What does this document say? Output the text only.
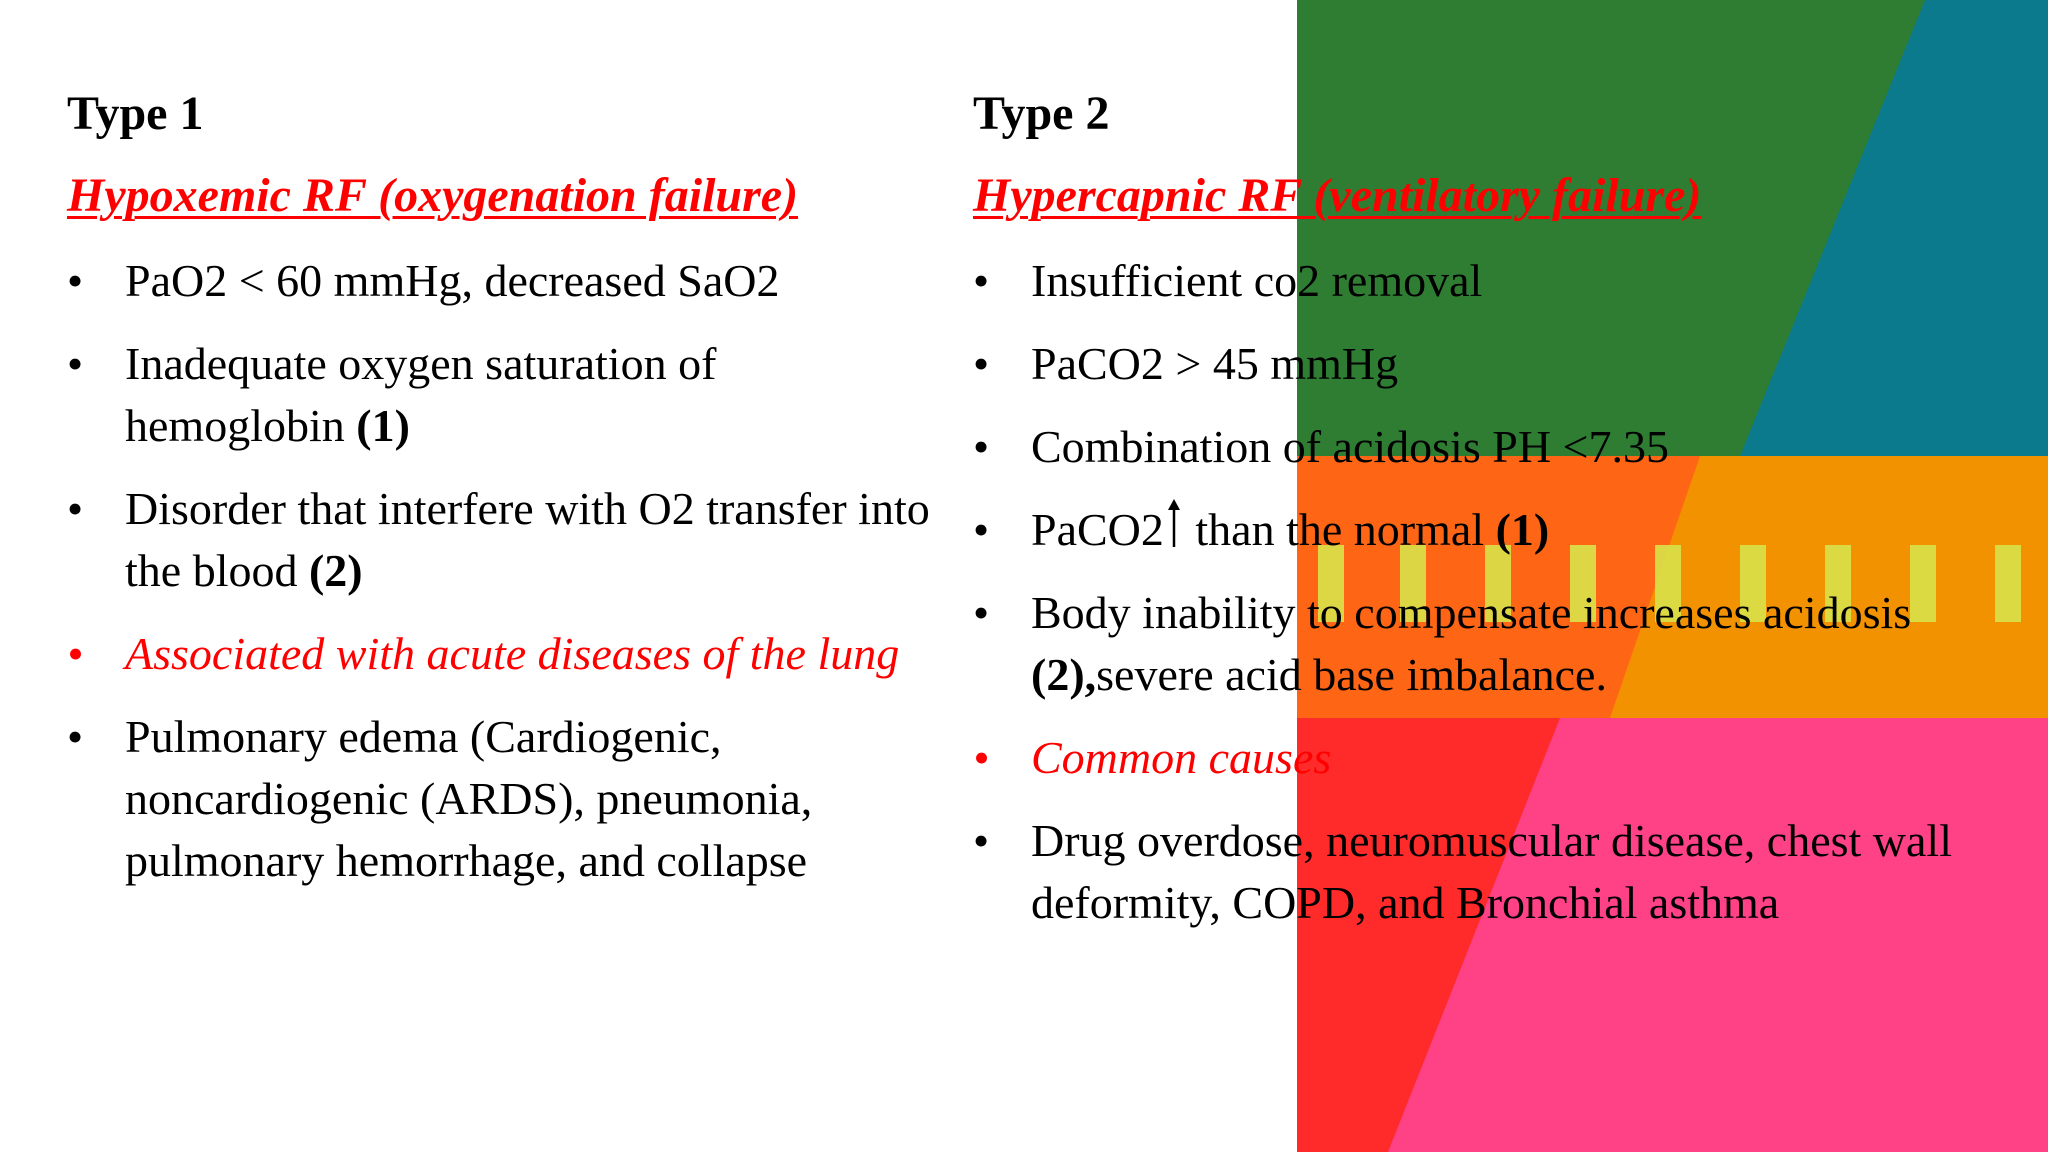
Type 1
Hypoxemic RF (oxygenation failure)
• PaO2 < 60 mmHg, decreased SaO2
• Inadequate oxygen saturation of hemoglobin (1)
• Disorder that interfere with O2 transfer into the blood (2)
• Associated with acute diseases of the lung
• Pulmonary edema (Cardiogenic, noncardiogenic (ARDS), pneumonia, pulmonary hemorrhage, and collapse
Type 2
Hypercapnic RF (ventilatory failure)
• Insufficient co2 removal
• PaCO2 > 45 mmHg
• Combination of acidosis PH <7.35
• PaCO2 than the normal (1)
• Body inability to compensate increases acidosis (2),severe acid base imbalance.
• Common causes
• Drug overdose, neuromuscular disease, chest wall deformity, COPD, and Bronchial asthma
